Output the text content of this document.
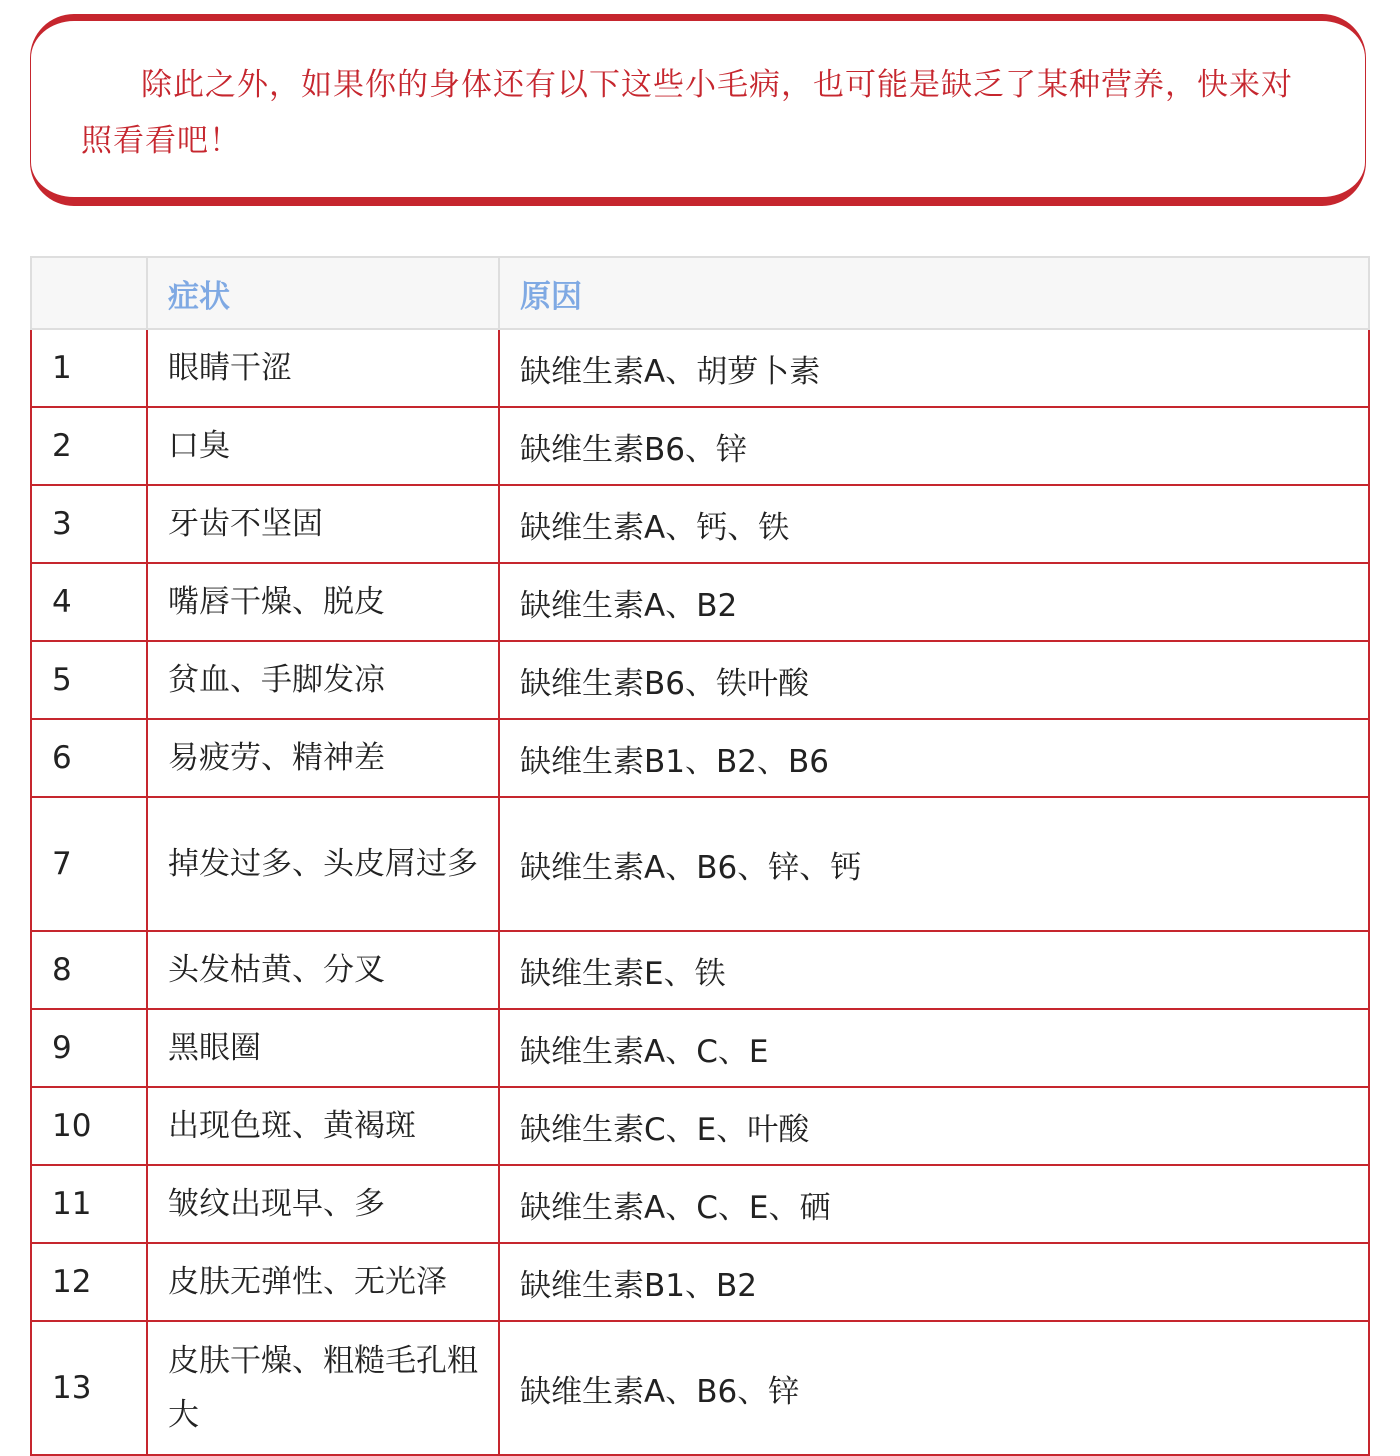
除此之外，如果你的身体还有以下这些小毛病，也可能是缺乏了某种营养，快来对照看看吧！

	症状	原因
1	眼睛干涩	缺维生素A、胡萝卜素
2	口臭	缺维生素B6、锌
3	牙齿不坚固	缺维生素A、钙、铁
4	嘴唇干燥、脱皮	缺维生素A、B2
5	贫血、手脚发凉	缺维生素B6、铁叶酸
6	易疲劳、精神差	缺维生素B1、B2、B6
7	掉发过多、头皮屑过多	缺维生素A、B6、锌、钙
8	头发枯黄、分叉	缺维生素E、铁
9	黑眼圈	缺维生素A、C、E
10	出现色斑、黄褐斑	缺维生素C、E、叶酸
11	皱纹出现早、多	缺维生素A、C、E、硒
12	皮肤无弹性、无光泽	缺维生素B1、B2
13	皮肤干燥、粗糙毛孔粗大	缺维生素A、B6、锌
